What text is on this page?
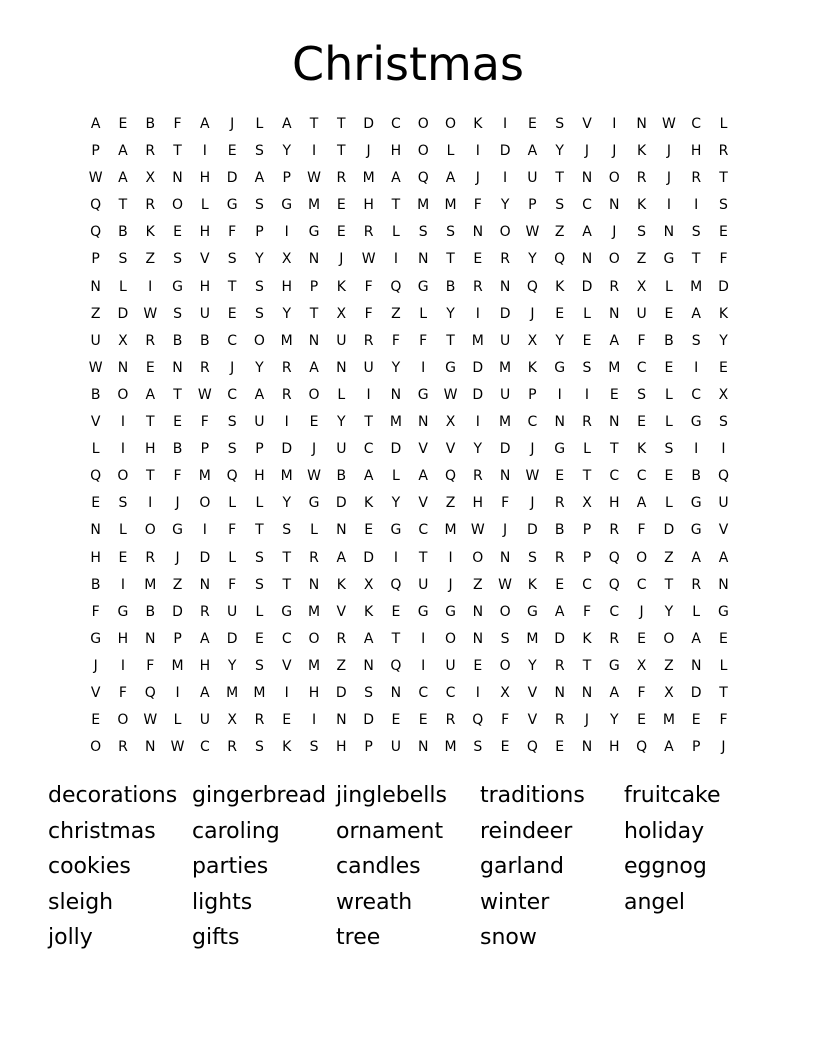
Christmas
A E B F A J L A T T D C O O K I E S V I N W C L
P A R T I E S Y I T J H O L I D A Y J J K J H R
W A X N H D A P W R M A Q A J I U T N O R J R T
Q T R O L G S G M E H T M M F Y P S C N K I I S
Q B K E H F P I G E R L S S N O W Z A J S N S E
P S Z S V S Y X N J W I N T E R Y Q N O Z G T F
N L I G H T S H P K F Q G B R N Q K D R X L M D
Z D W S U E S Y T X F Z L Y I D J E L N U E A K
U X R B B C O M N U R F F T M U X Y E A F B S Y
W N E N R J Y R A N U Y I G D M K G S M C E I E
B O A T W C A R O L I N G W D U P I I E S L C X
V I T E F S U I E Y T M N X I M C N R N E L G S
L I H B P S P D J U C D V V Y D J G L T K S I I
Q O T F M Q H M W B A L A Q R N W E T C C E B Q
E S I J O L L Y G D K Y V Z H F J R X H A L G U
N L O G I F T S L N E G C M W J D B P R F D G V
H E R J D L S T R A D I T I O N S R P Q O Z A A
B I M Z N F S T N K X Q U J Z W K E C Q C T R N
F G B D R U L G M V K E G G N O G A F C J Y L G
G H N P A D E C O R A T I O N S M D K R E O A E
J I F M H Y S V M Z N Q I U E O Y R T G X Z N L
V F Q I A M M I H D S N C C I X V N N A F X D T
E O W L U X R E I N D E E R Q F V R J Y E M E F
O R N W C R S K S H P U N M S E Q E N H Q A P J
decorations gingerbread jinglebells traditions fruitcake
christmas caroling	ornament reindeer holiday
cookies	parties	candles	garland	eggnog
sleigh	lights	wreath	winter	angel
jolly	gifts	tree	snow
